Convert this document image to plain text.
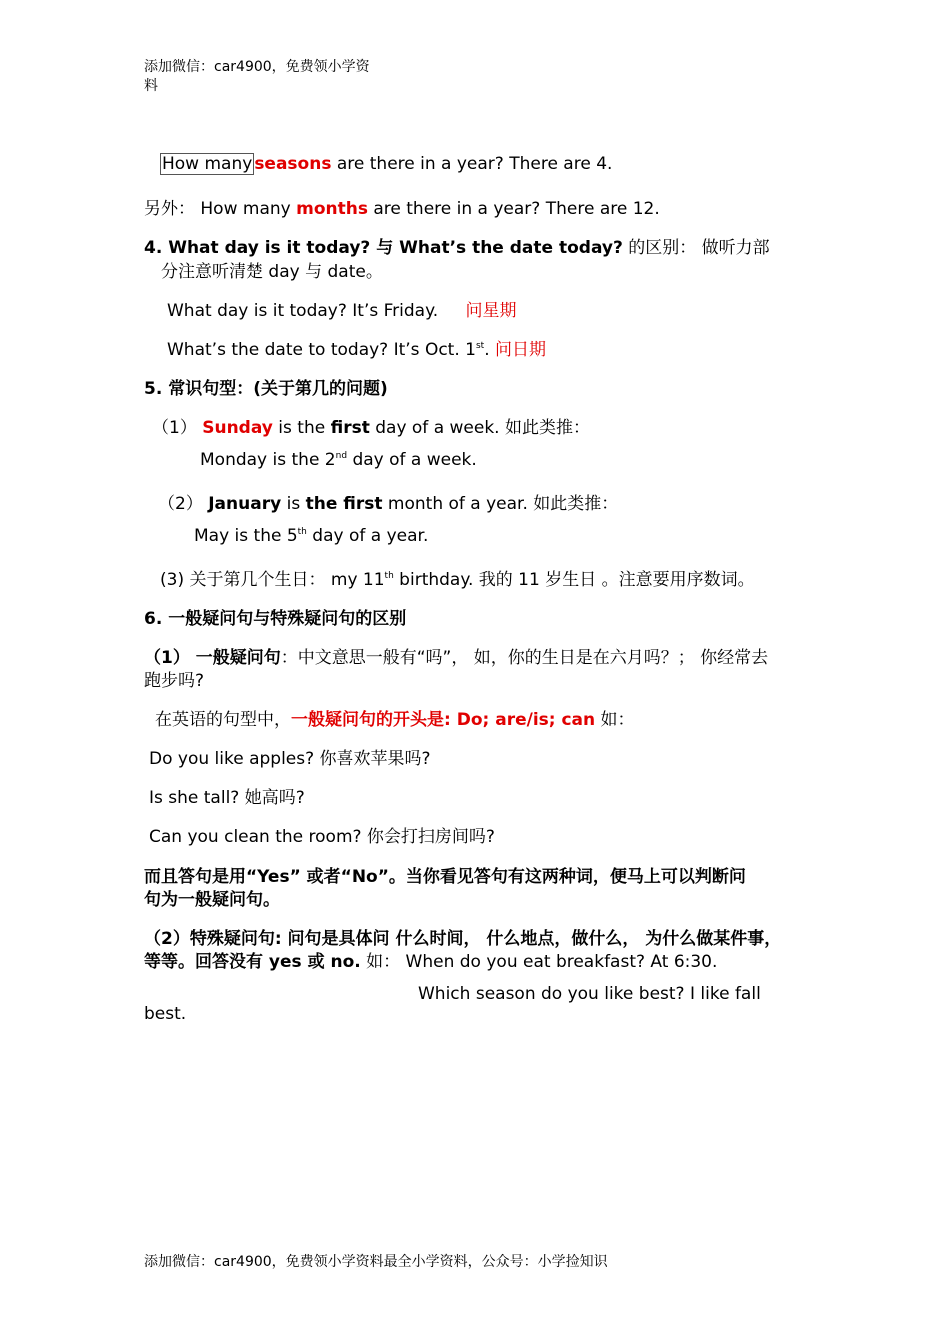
添加微信：car4900，免费领小学资
料
How many seasons are there in a year? There are 4.
另外： How many months are there in a year? There are 12.
4. What day is it today? 与 What’s the date today? 的区别： 做听力部
分注意听清楚 day 与 date。
What day is it today? It’s Friday. 问星期
What’s the date to today? It’s Oct. 1st. 问日期
5. 常识句型：(关于第几的问题)
（1） Sunday is the first day of a week. 如此类推：
Monday is the 2nd day of a week.
（2） January is the first month of a year. 如此类推：
May is the 5th day of a year.
(3) 关于第几个生日： my 11th birthday. 我的 11 岁生日 。注意要用序数词。
6. 一般疑问句与特殊疑问句的区别
（1） 一般疑问句：中文意思一般有“吗”， 如，你的生日是在六月吗？； 你经常去
跑步吗?
在英语的句型中，一般疑问句的开头是: Do; are/is; can 如：
Do you like apples? 你喜欢苹果吗?
Is she tall? 她高吗?
Can you clean the room? 你会打扫房间吗?
而且答句是用“Yes” 或者“No”。当你看见答句有这两种词，便马上可以判断问
句为一般疑问句。
（2）特殊疑问句: 问句是具体问 什么时间， 什么地点，做什么， 为什么做某件事，
等等。回答没有 yes 或 no. 如： When do you eat breakfast? At 6:30.
Which season do you like best? I like fall
best.
添加微信：car4900，免费领小学资料最全小学资料，公众号：小学捡知识
